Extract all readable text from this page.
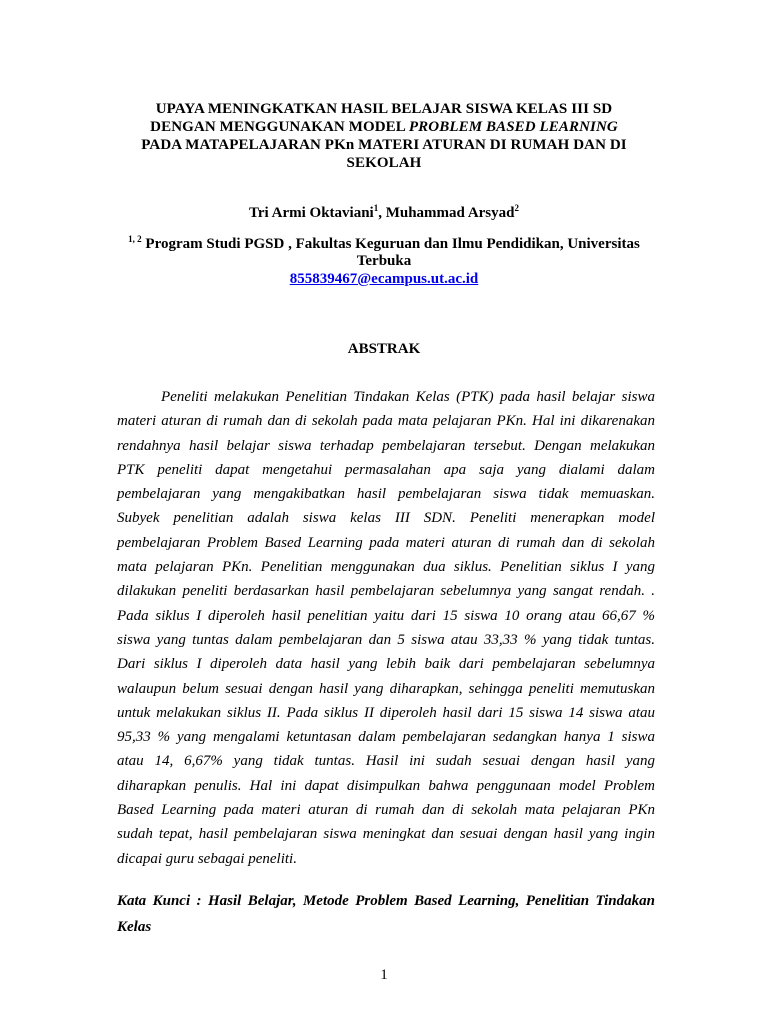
UPAYA MENINGKATKAN HASIL BELAJAR SISWA KELAS III SD
DENGAN MENGGUNAKAN MODEL PROBLEM BASED LEARNING
PADA MATAPELAJARAN PKn MATERI ATURAN DI RUMAH DAN DI
SEKOLAH
Tri Armi Oktaviani$^1$, Muhammad Arsyad$^2$
$^{1, 2}$ Program Studi PGSD , Fakultas Keguruan dan Ilmu Pendidikan, Universitas
Terbuka
855839467@ecampus.ut.ac.id
ABSTRAK
Peneliti melakukan Penelitian Tindakan Kelas (PTK) pada hasil belajar siswa
materi aturan di rumah dan di sekolah pada mata pelajaran PKn. Hal ini dikarenakan
rendahnya hasil belajar siswa terhadap pembelajaran tersebut. Dengan melakukan
PTK peneliti dapat mengetahui permasalahan apa saja yang dialami dalam
pembelajaran yang mengakibatkan hasil pembelajaran siswa tidak memuaskan.
Subyek penelitian adalah siswa kelas III SDN. Peneliti menerapkan model
pembelajaran Problem Based Learning pada materi aturan di rumah dan di sekolah
mata pelajaran PKn. Penelitian menggunakan dua siklus. Penelitian siklus I yang
dilakukan peneliti berdasarkan hasil pembelajaran sebelumnya yang sangat rendah. .
Pada siklus I diperoleh hasil penelitian yaitu dari 15 siswa 10 orang atau 66,67 %
siswa yang tuntas dalam pembelajaran dan 5 siswa atau 33,33 % yang tidak tuntas.
Dari siklus I diperoleh data hasil yang lebih baik dari pembelajaran sebelumnya
walaupun belum sesuai dengan hasil yang diharapkan, sehingga peneliti memutuskan
untuk melakukan siklus II. Pada siklus II diperoleh hasil dari 15 siswa 14 siswa atau
95,33 % yang mengalami ketuntasan dalam pembelajaran sedangkan hanya 1 siswa
atau 14, 6,67% yang tidak tuntas. Hasil ini sudah sesuai dengan hasil yang
diharapkan penulis. Hal ini dapat disimpulkan bahwa penggunaan model Problem
Based Learning pada materi aturan di rumah dan di sekolah mata pelajaran PKn
sudah tepat, hasil pembelajaran siswa meningkat dan sesuai dengan hasil yang ingin
dicapai guru sebagai peneliti.
Kata Kunci : Hasil Belajar, Metode Problem Based Learning, Penelitian Tindakan
Kelas
1
